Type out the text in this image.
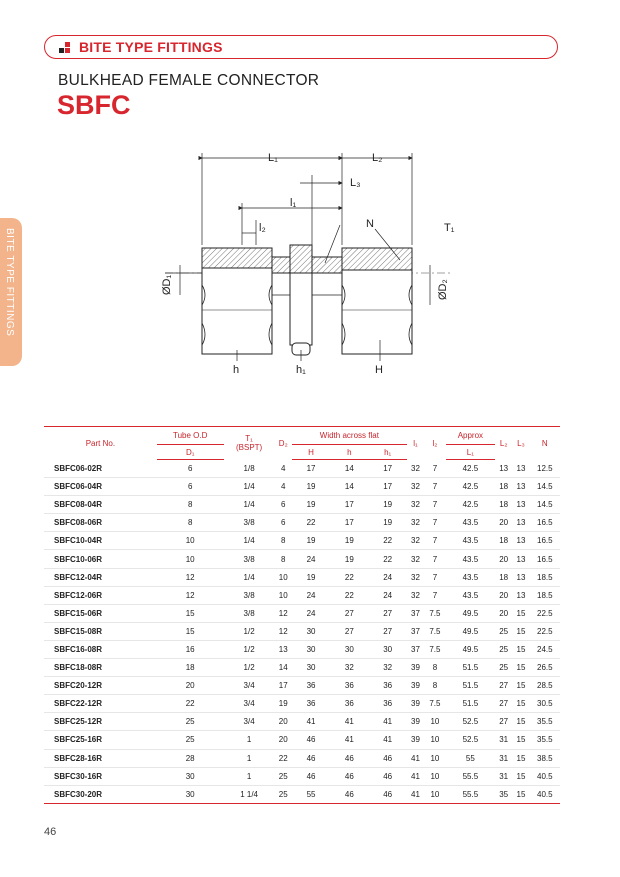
BITE TYPE FITTINGS
BULKHEAD FEMALE CONNECTOR
SBFC
BITE TYPE FITTINGS
L₁	L₂
L₃
l₁
l₂	N	T₁
ØD₁	ØD₂
h	h₁	H
Part No.	Tube O.D	T₁
(BSPT)	D₂	Width across flat			l₁	l₂	Approx	L₂	L₃	N
	D₁			H	h	h₁			L₁			
SBFC06-02R	6	1/8	4	17	14	17	32	7	42.5	13	13	12.5
SBFC06-04R	6	1/4	4	19	14	17	32	7	42.5	18	13	14.5
SBFC08-04R	8	1/4	6	19	17	19	32	7	42.5	18	13	14.5
SBFC08-06R	8	3/8	6	22	17	19	32	7	43.5	20	13	16.5
SBFC10-04R	10	1/4	8	19	19	22	32	7	43.5	18	13	16.5
SBFC10-06R	10	3/8	8	24	19	22	32	7	43.5	20	13	16.5
SBFC12-04R	12	1/4	10	19	22	24	32	7	43.5	18	13	18.5
SBFC12-06R	12	3/8	10	24	22	24	32	7	43.5	20	13	18.5
SBFC15-06R	15	3/8	12	24	27	27	37	7.5	49.5	20	15	22.5
SBFC15-08R	15	1/2	12	30	27	27	37	7.5	49.5	25	15	22.5
SBFC16-08R	16	1/2	13	30	30	30	37	7.5	49.5	25	15	24.5
SBFC18-08R	18	1/2	14	30	32	32	39	8	51.5	25	15	26.5
SBFC20-12R	20	3/4	17	36	36	36	39	8	51.5	27	15	28.5
SBFC22-12R	22	3/4	19	36	36	36	39	7.5	51.5	27	15	30.5
SBFC25-12R	25	3/4	20	41	41	41	39	10	52.5	27	15	35.5
SBFC25-16R	25	1	20	46	41	41	39	10	52.5	31	15	35.5
SBFC28-16R	28	1	22	46	46	46	41	10	55	31	15	38.5
SBFC30-16R	30	1	25	46	46	46	41	10	55.5	31	15	40.5
SBFC30-20R	30	1 1/4	25	55	46	46	41	10	55.5	35	15	40.5
46
